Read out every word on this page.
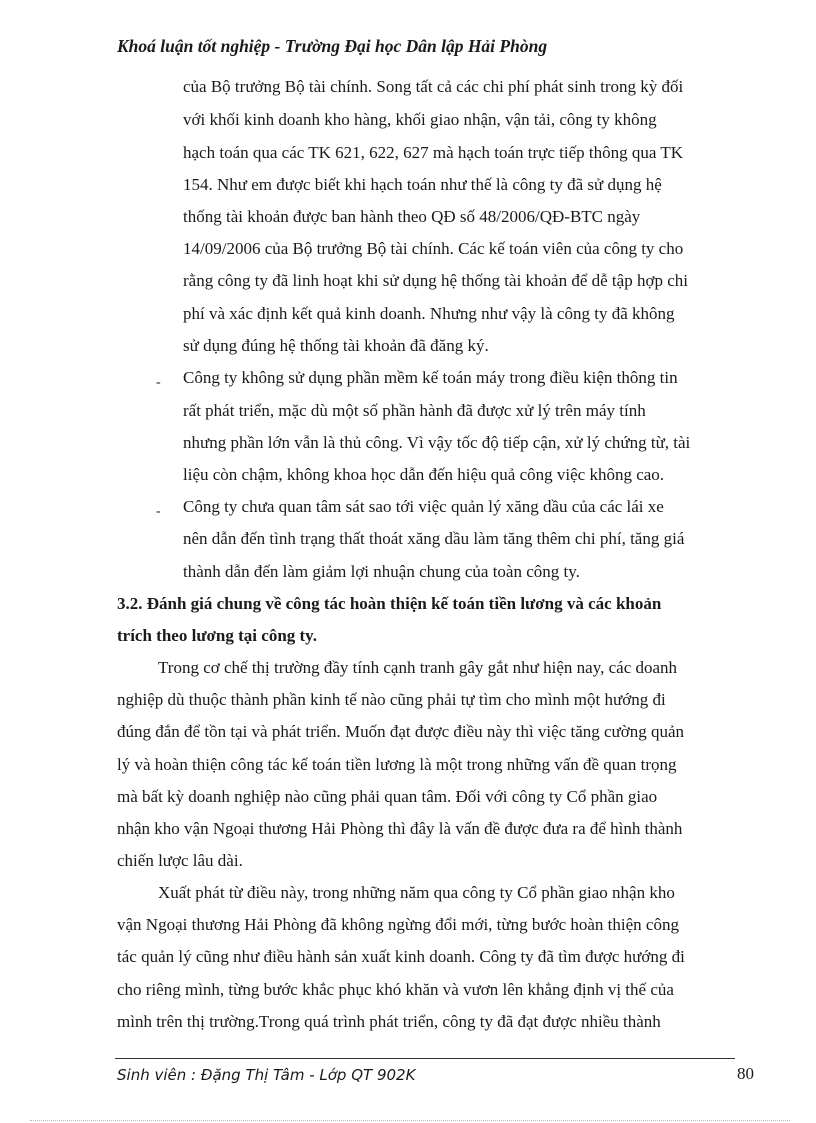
Khoá luận tốt nghiệp - Trường Đại học Dân lập Hải Phòng
của Bộ trưởng Bộ tài chính. Song tất cả các chi phí phát sinh trong kỳ đối
với khối kinh doanh kho hàng, khối giao nhận, vận tải, công ty không
hạch toán qua các TK 621, 622, 627 mà hạch toán trực tiếp thông qua TK
154. Như em được biết khi hạch toán như thế là công ty đã sử dụng hệ
thống tài khoản được ban hành theo QĐ số 48/2006/QĐ-BTC ngày
14/09/2006 của Bộ trưởng Bộ tài chính. Các kế toán viên của công ty cho
rằng công ty đã linh hoạt khi sử dụng hệ thống tài khoản để dễ tập hợp chi
phí và xác định kết quả kinh doanh. Nhưng như vậy là công ty đã không
sử dụng đúng hệ thống tài khoản đã đăng ký.
- Công ty không sử dụng phần mềm kế toán máy trong điều kiện thông tin
rất phát triển, mặc dù một số phần hành đã được xử lý trên máy tính
nhưng phần lớn vẫn là thủ công. Vì vậy tốc độ tiếp cận, xử lý chứng từ, tài
liệu còn chậm, không khoa học dẫn đến hiệu quả công việc không cao.
- Công ty chưa quan tâm sát sao tới việc quản lý xăng dầu của các lái xe
nên dẫn đến tình trạng thất thoát xăng dầu làm tăng thêm chi phí, tăng giá
thành dẫn đến làm giảm lợi nhuận chung của toàn công ty.
3.2. Đánh giá chung về công tác hoàn thiện kế toán tiền lương và các khoản
trích theo lương tại công ty.
Trong cơ chế thị trường đầy tính cạnh tranh gây gắt như hiện nay, các doanh
nghiệp dù thuộc thành phần kinh tế nào cũng phải tự tìm cho mình một hướng đi
đúng đắn để tồn tại và phát triển. Muốn đạt được điều này thì việc tăng cường quản
lý và hoàn thiện công tác kế toán tiền lương là một trong những vấn đề quan trọng
mà bất kỳ doanh nghiệp nào cũng phải quan tâm. Đối với công ty Cổ phần giao
nhận kho vận Ngoại thương Hải Phòng thì đây là vấn đề được đưa ra để hình thành
chiến lược lâu dài.
Xuất phát từ điều này, trong những năm qua công ty Cổ phần giao nhận kho
vận Ngoại thương Hải Phòng đã không ngừng đổi mới, từng bước hoàn thiện công
tác quản lý cũng như điều hành sản xuất kinh doanh. Công ty đã tìm được hướng đi
cho riêng mình, từng bước khắc phục khó khăn và vươn lên khẳng định vị thế của
mình trên thị trường.Trong quá trình phát triển, công ty đã đạt được nhiều thành
Sinh viên : Đặng Thị Tâm - Lớp QT 902K	80
